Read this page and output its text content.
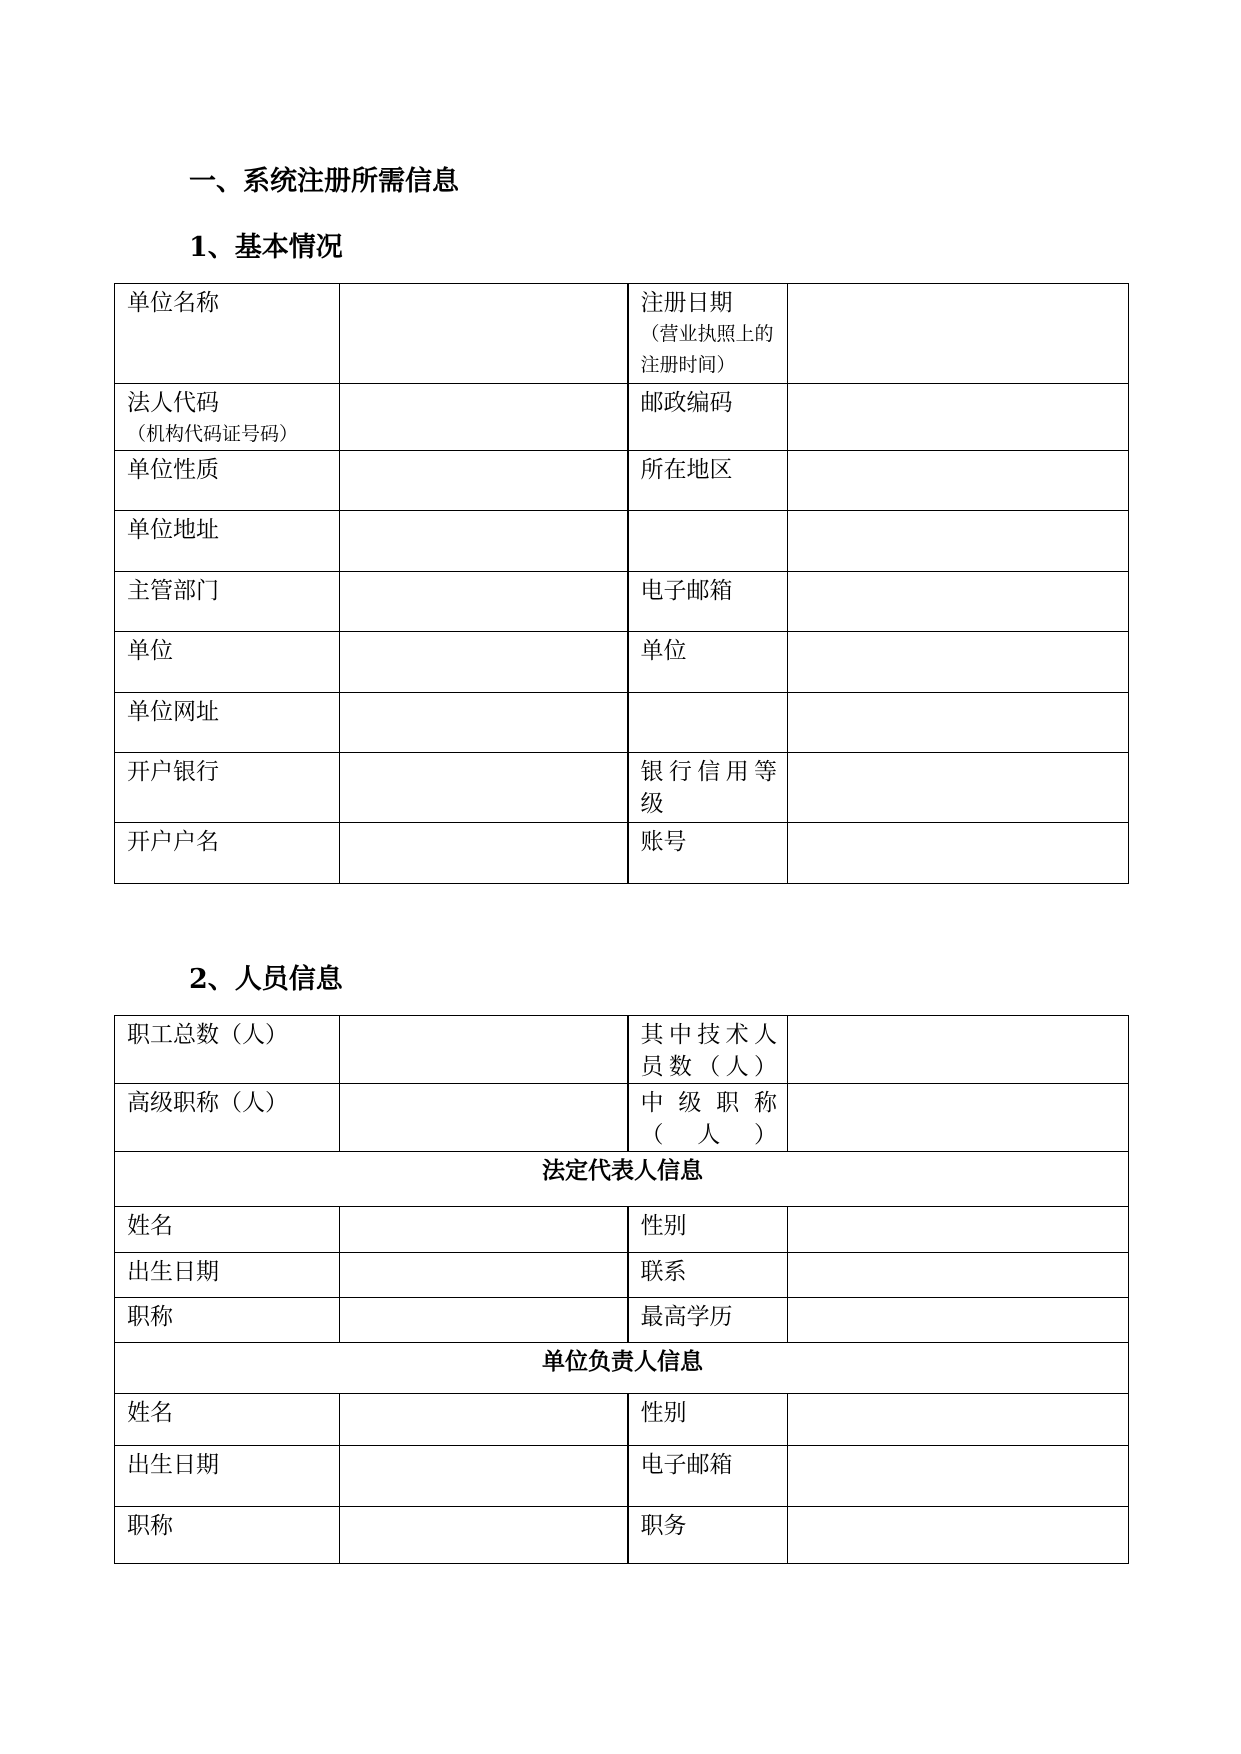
一、系统注册所需信息
1、基本情况
单位名称		注册日期
（营业执照上的注册时间）	

法人代码
（机构代码证号码）		邮政编码	
单位性质		所在地区	
单位地址			
主管部门		电子邮箱	
单位		单位	
单位网址			
开户银行		银行信用等级	

开户户名		账号	
2、人员信息
职工总数（人）		其中技术人员数（人）	

高级职称（人）		中级职称（人）	

法定代表人信息			
姓名		性别	
出生日期		联系	
职称		最高学历	
单位负责人信息			
姓名		性别	
出生日期		电子邮箱	
职称		职务	
